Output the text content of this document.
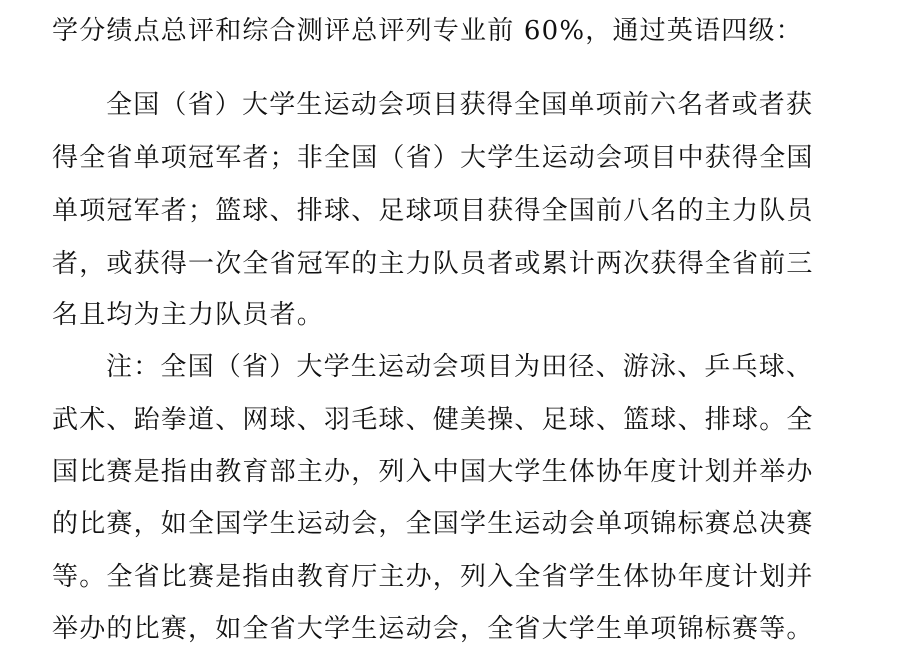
学分绩点总评和综合测评总评列专业前 60%，通过英语四级：
全国（省）大学生运动会项目获得全国单项前六名者或者获
得全省单项冠军者；非全国（省）大学生运动会项目中获得全国
单项冠军者；篮球、排球、足球项目获得全国前八名的主力队员
者，或获得一次全省冠军的主力队员者或累计两次获得全省前三
名且均为主力队员者。
注：全国（省）大学生运动会项目为田径、游泳、乒乓球、
武术、跆拳道、网球、羽毛球、健美操、足球、篮球、排球。全
国比赛是指由教育部主办，列入中国大学生体协年度计划并举办
的比赛，如全国学生运动会，全国学生运动会单项锦标赛总决赛
等。全省比赛是指由教育厅主办，列入全省学生体协年度计划并
举办的比赛，如全省大学生运动会，全省大学生单项锦标赛等。
